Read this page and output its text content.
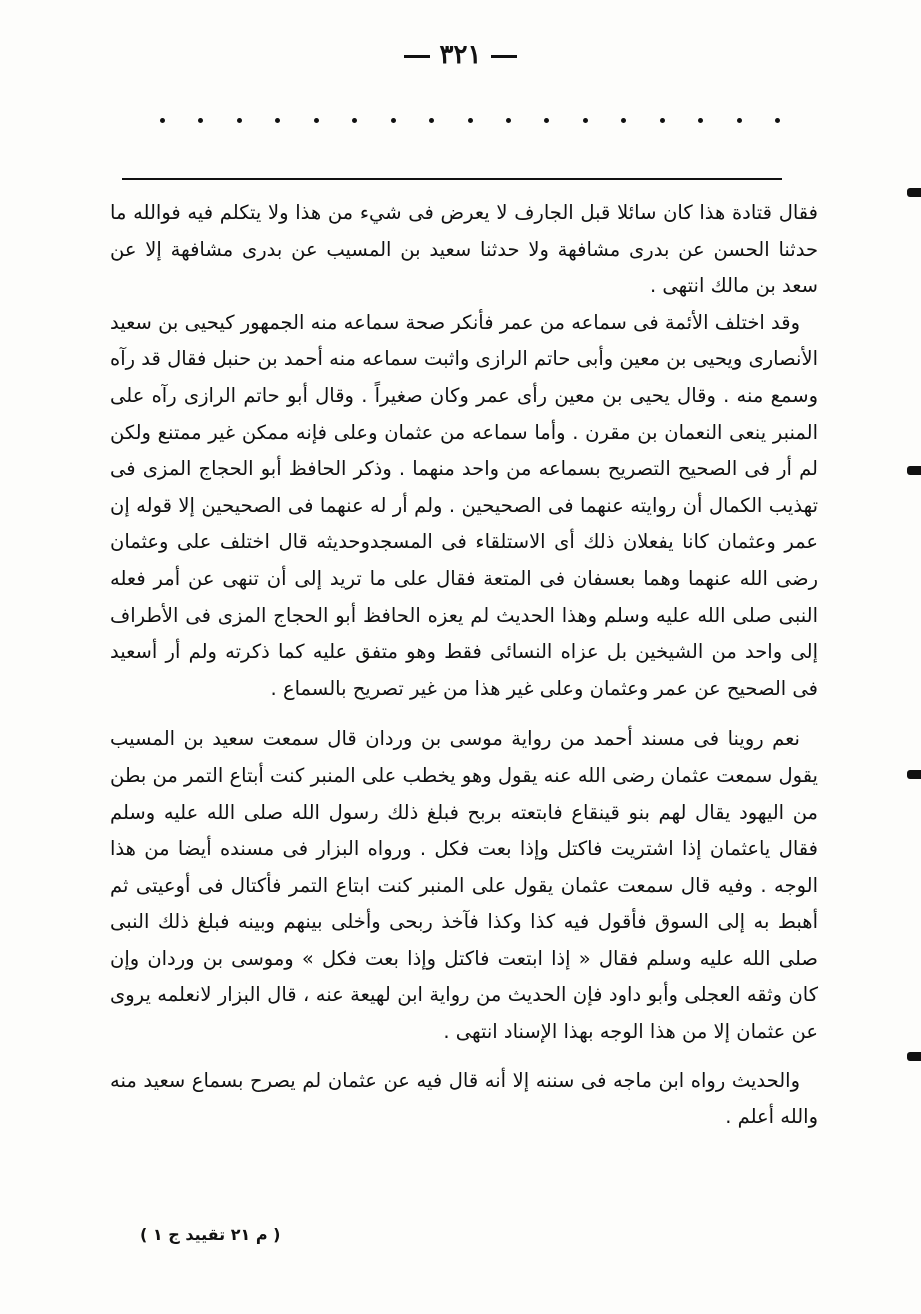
٣٢١

فقال قتادة هذا كان سائلا قبل الجارف لا يعرض فى شيء من هذا ولا يتكلم فيه فوالله ما حدثنا الحسن عن بدرى مشافهة ولا حدثنا سعيد بن المسيب عن بدرى مشافهة إلا عن سعد بن مالك انتهى .

وقد اختلف الأئمة فى سماعه من عمر فأنكر صحة سماعه منه الجمهور كيحيى بن سعيد الأنصارى ويحيى بن معين وأبى حاتم الرازى واثبت سماعه منه أحمد بن حنبل فقال قد رآه وسمع منه . وقال يحيى بن معين رأى عمر وكان صغيراً . وقال أبو حاتم الرازى رآه على المنبر ينعى النعمان بن مقرن . وأما سماعه من عثمان وعلى فإنه ممكن غير ممتنع ولكن لم أر فى الصحيح التصريح بسماعه من واحد منهما . وذكر الحافظ أبو الحجاج المزى فى تهذيب الكمال أن روايته عنهما فى الصحيحين . ولم أر له عنهما فى الصحيحين إلا قوله إن عمر وعثمان كانا يفعلان ذلك أى الاستلقاء فى المسجدوحديثه قال اختلف على وعثمان رضى الله عنهما وهما بعسفان فى المتعة فقال على ما تريد إلى أن تنهى عن أمر فعله النبى صلى الله عليه وسلم وهذا الحديث لم يعزه الحافظ أبو الحجاج المزى فى الأطراف إلى واحد من الشيخين بل عزاه النسائى فقط وهو متفق عليه كما ذكرته ولم أر أسعيد فى الصحيح عن عمر وعثمان وعلى غير هذا من غير تصريح بالسماع .

نعم روينا فى مسند أحمد من رواية موسى بن وردان قال سمعت سعيد بن المسيب يقول سمعت عثمان رضى الله عنه يقول وهو يخطب على المنبر كنت أبتاع التمر من بطن من اليهود يقال لهم بنو قينقاع فابتعته بربح فبلغ ذلك رسول الله صلى الله عليه وسلم فقال ياعثمان إذا اشتريت فاكتل وإذا بعت فكل . ورواه البزار فى مسنده أيضا من هذا الوجه . وفيه قال سمعت عثمان يقول على المنبر كنت ابتاع التمر فأكتال فى أوعيتى ثم أهبط به إلى السوق فأقول فيه كذا وكذا فآخذ ربحى وأخلى بينهم وبينه فبلغ ذلك النبى صلى الله عليه وسلم فقال « إذا ابتعت فاكتل وإذا بعت فكل » وموسى بن وردان وإن كان وثقه العجلى وأبو داود فإن الحديث من رواية ابن لهيعة عنه ، قال البزار لانعلمه يروى عن عثمان إلا من هذا الوجه بهذا الإسناد انتهى .

والحديث رواه ابن ماجه فى سننه إلا أنه قال فيه عن عثمان لم يصرح بسماع سعيد منه والله أعلم .

( م ٢١ تقييد ج ١ )
